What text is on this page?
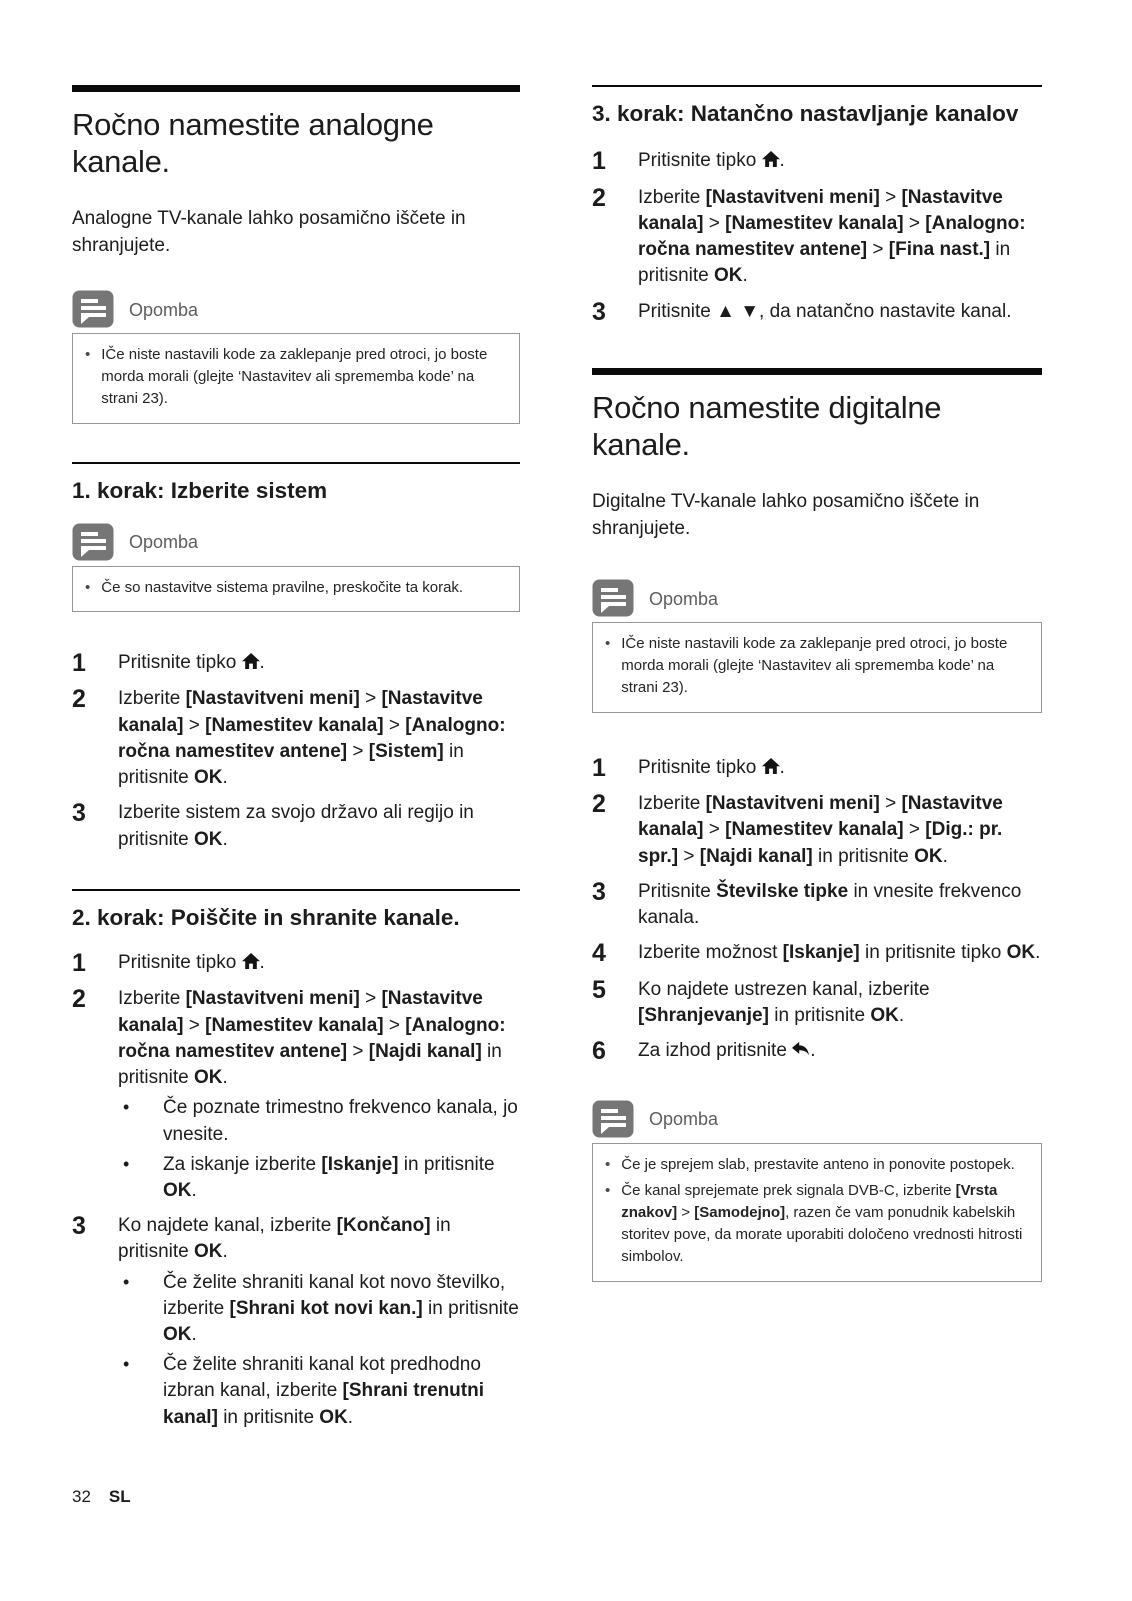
Ročno namestite analogne kanale.

Analogne TV-kanale lahko posamično iščete in shranjujete.

Opomba
• IČe niste nastavili kode za zaklepanje pred otroci, jo boste morda morali (glejte ‘Nastavitev ali sprememba kode’ na strani 23).
1. korak: Izberite sistem
Opomba
• Če so nastavitve sistema pravilne, preskočite ta korak.
1	Pritisnite tipko .
2	Izberite [Nastavitveni meni] > [Nastavitve kanala] > [Namestitev kanala] > [Analogno: ročna namestitev antene] > [Sistem] in pritisnite OK.
3	Izberite sistem za svojo državo ali regijo in pritisnite OK.
2. korak: Poiščite in shranite kanale.
1	Pritisnite tipko .
2	Izberite [Nastavitveni meni] > [Nastavitve kanala] > [Namestitev kanala] > [Analogno: ročna namestitev antene] > [Najdi kanal] in pritisnite OK.
•	Če poznate trimestno frekvenco kanala, jo vnesite.
•	Za iskanje izberite [Iskanje] in pritisnite OK.
3	Ko najdete kanal, izberite [Končano] in pritisnite OK.
•	Če želite shraniti kanal kot novo številko, izberite [Shrani kot novi kan.] in pritisnite OK.
•	Če želite shraniti kanal kot predhodno izbran kanal, izberite [Shrani trenutni kanal] in pritisnite OK.
3. korak: Natančno nastavljanje kanalov
1	Pritisnite tipko .
2	Izberite [Nastavitveni meni] > [Nastavitve kanala] > [Namestitev kanala] > [Analogno: ročna namestitev antene] > [Fina nast.] in pritisnite OK.
3	Pritisnite ▲ ▼, da natančno nastavite kanal.
Ročno namestite digitalne kanale.

Digitalne TV-kanale lahko posamično iščete in shranjujete.

Opomba
• IČe niste nastavili kode za zaklepanje pred otroci, jo boste morda morali (glejte ‘Nastavitev ali sprememba kode’ na strani 23).
1	Pritisnite tipko .
2	Izberite [Nastavitveni meni] > [Nastavitve kanala] > [Namestitev kanala] > [Dig.: pr. spr.] > [Najdi kanal] in pritisnite OK.
3	Pritisnite Številske tipke in vnesite frekvenco kanala.
4	Izberite možnost [Iskanje] in pritisnite tipko OK.
5	Ko najdete ustrezen kanal, izberite [Shranjevanje] in pritisnite OK.
6	Za izhod pritisnite .
Opomba
• Če je sprejem slab, prestavite anteno in ponovite postopek.
• Če kanal sprejemate prek signala DVB-C, izberite [Vrsta znakov] > [Samodejno], razen če vam ponudnik kabelskih storitev pove, da morate uporabiti določeno vrednosti hitrosti simbolov.
32 SL
